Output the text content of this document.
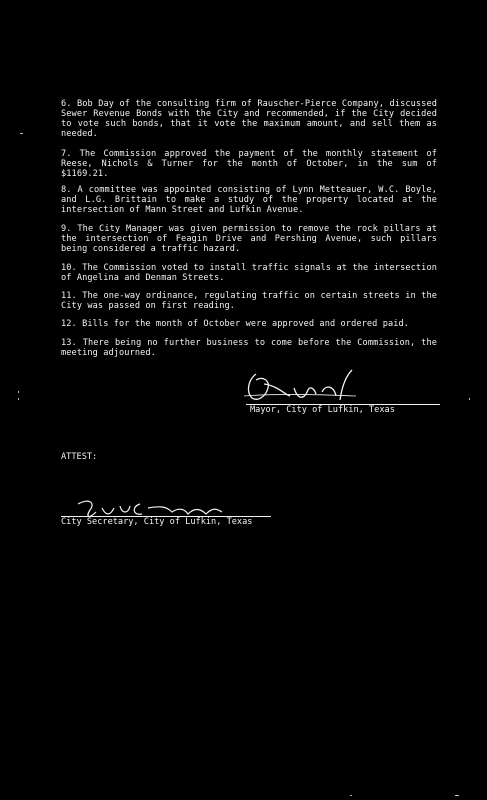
6. Bob Day of the consulting firm of Rauscher-Pierce Company, discussed Sewer Revenue Bonds with the City and recommended, if the City decided to vote such bonds, that it vote the maximum amount, and sell them as needed.

7. The Commission approved the payment of the monthly statement of Reese, Nichols & Turner for the month of October, in the sum of $1169.21.

8. A committee was appointed consisting of Lynn Metteauer, W.C. Boyle, and L.G. Brittain to make a study of the property located at the intersection of Mann Street and Lufkin Avenue.

9. The City Manager was given permission to remove the rock pillars at the intersection of Feagin Drive and Pershing Avenue, such pillars being considered a traffic hazard.

10. The Commission voted to install traffic signals at the intersection of Angelina and Denman Streets.

11. The one-way ordinance, regulating traffic on certain streets in the City was passed on first reading.

12. Bills for the month of October were approved and ordered paid.

13. There being no further business to come before the Commission, the meeting adjourned.

Mayor, City of Lufkin, Texas
ATTEST:
City Secretary, City of Lufkin, Texas
